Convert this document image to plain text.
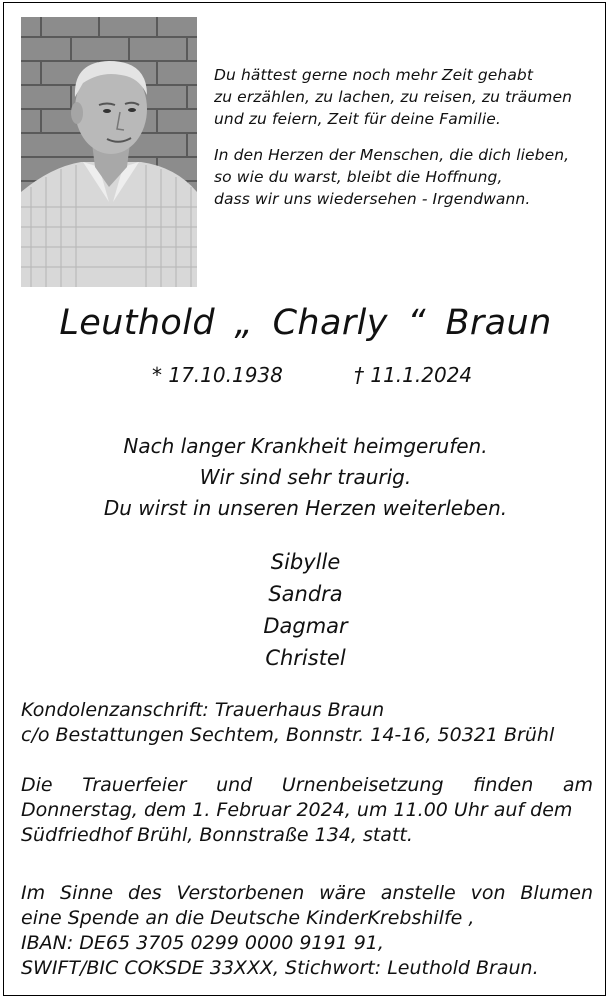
Du hättest gerne noch mehr Zeit gehabt
zu erzählen, zu lachen, zu reisen, zu träumen
und zu feiern, Zeit für deine Familie.

In den Herzen der Menschen, die dich lieben,
so wie du warst, bleibt die Hoffnung,
dass wir uns wiedersehen - Irgendwann.

Leuthold „ Charly “ Braun
* 17.10.1938	† 11.1.2024
Nach langer Krankheit heimgerufen.
Wir sind sehr traurig.
Du wirst in unseren Herzen weiterleben.
Sibylle
Sandra
Dagmar
Christel
Kondolenzanschrift: Trauerhaus Braun
c/o Bestattungen Sechtem, Bonnstr. 14-16, 50321 Brühl
Die Trauerfeier und Urnenbeisetzung finden am
Donnerstag, dem 1. Februar 2024, um 11.00 Uhr auf dem
Südfriedhof Brühl, Bonnstraße 134, statt.
Im Sinne des Verstorbenen wäre anstelle von Blumen
eine Spende an die Deutsche KinderKrebshilfe ,
IBAN: DE65 3705 0299 0000 9191 91,
SWIFT/BIC COKSDE 33XXX, Stichwort: Leuthold Braun.
